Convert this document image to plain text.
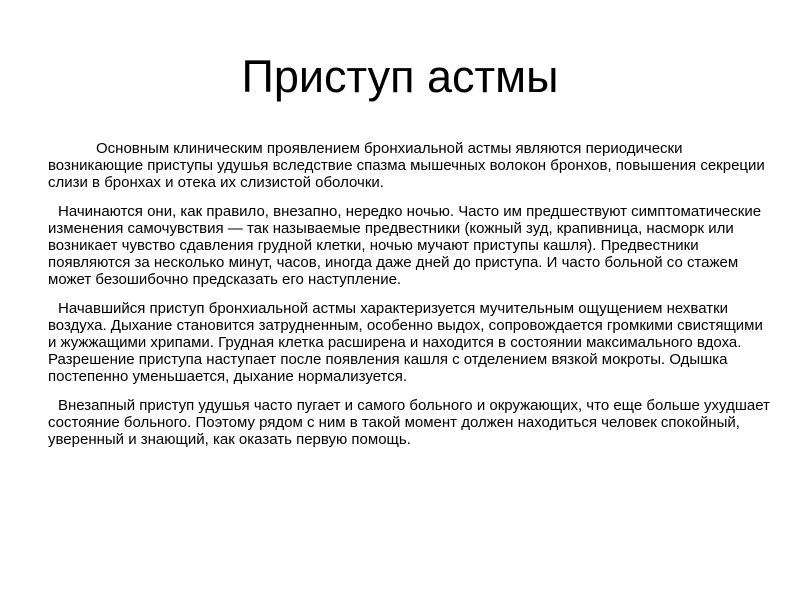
Приступ астмы

Основным клиническим проявлением бронхиальной астмы являются периодически возникающие приступы удушья вследствие спазма мышечных волокон бронхов, повышения секреции слизи в бронхах и отека их слизистой оболочки.

Начинаются они, как правило, внезапно, нередко ночью. Часто им предшествуют симптоматические изменения самочувствия — так называемые предвестники (кожный зуд, крапивница, насморк или возникает чувство сдавления грудной клетки, ночью мучают приступы кашля). Предвестники появляются за несколько минут, часов, иногда даже дней до приступа. И часто больной со стажем может безошибочно предсказать его наступление.

Начавшийся приступ бронхиальной астмы характеризуется мучительным ощущением нехватки воздуха. Дыхание становится затрудненным, особенно выдох, сопровождается громкими свистящими и жужжащими хрипами. Грудная клетка расширена и находится в состоянии максимального вдоха. Разрешение приступа наступает после появления кашля с отделением вязкой мокроты. Одышка постепенно уменьшается, дыхание нормализуется.

Внезапный приступ удушья часто пугает и самого больного и окружающих, что еще больше ухудшает состояние больного. Поэтому рядом с ним в такой момент должен находиться человек спокойный, уверенный и знающий, как оказать первую помощь.
